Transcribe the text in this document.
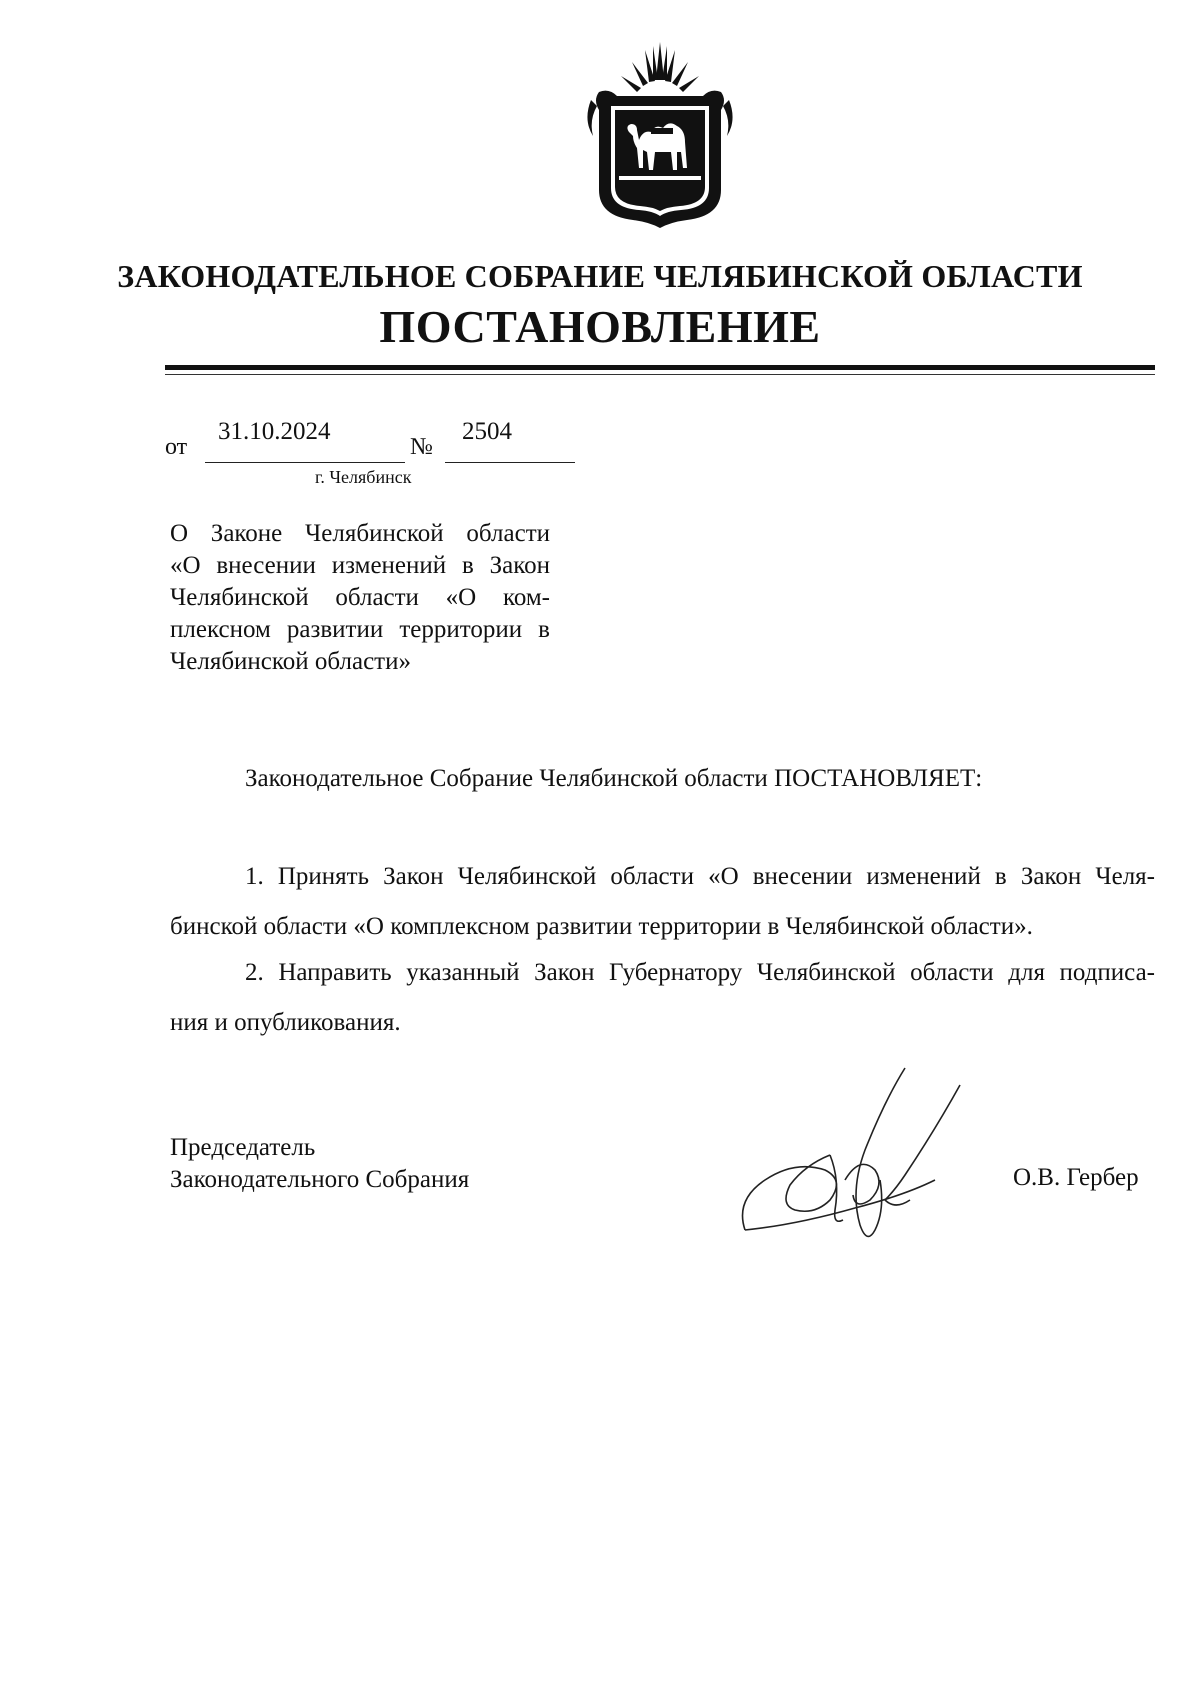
ЗАКОНОДАТЕЛЬНОЕ СОБРАНИЕ ЧЕЛЯБИНСКОЙ ОБЛАСТИ
ПОСТАНОВЛЕНИЕ
от
31.10.2024
№
2504
г. Челябинск
О Законе Челябинской области
«О внесении изменений в Закон
Челябинской области «О ком-
плексном развитии территории в
Челябинской области»
Законодательное Собрание Челябинской области ПОСТАНОВЛЯЕТ:
1. Принять Закон Челябинской области «О внесении изменений в Закон Челя-
бинской области «О комплексном развитии территории в Челябинской области».
2. Направить указанный Закон Губернатору Челябинской области для подписа-
ния и опубликования.
Председатель
Законодательного Собрания	О.В. Гербер
